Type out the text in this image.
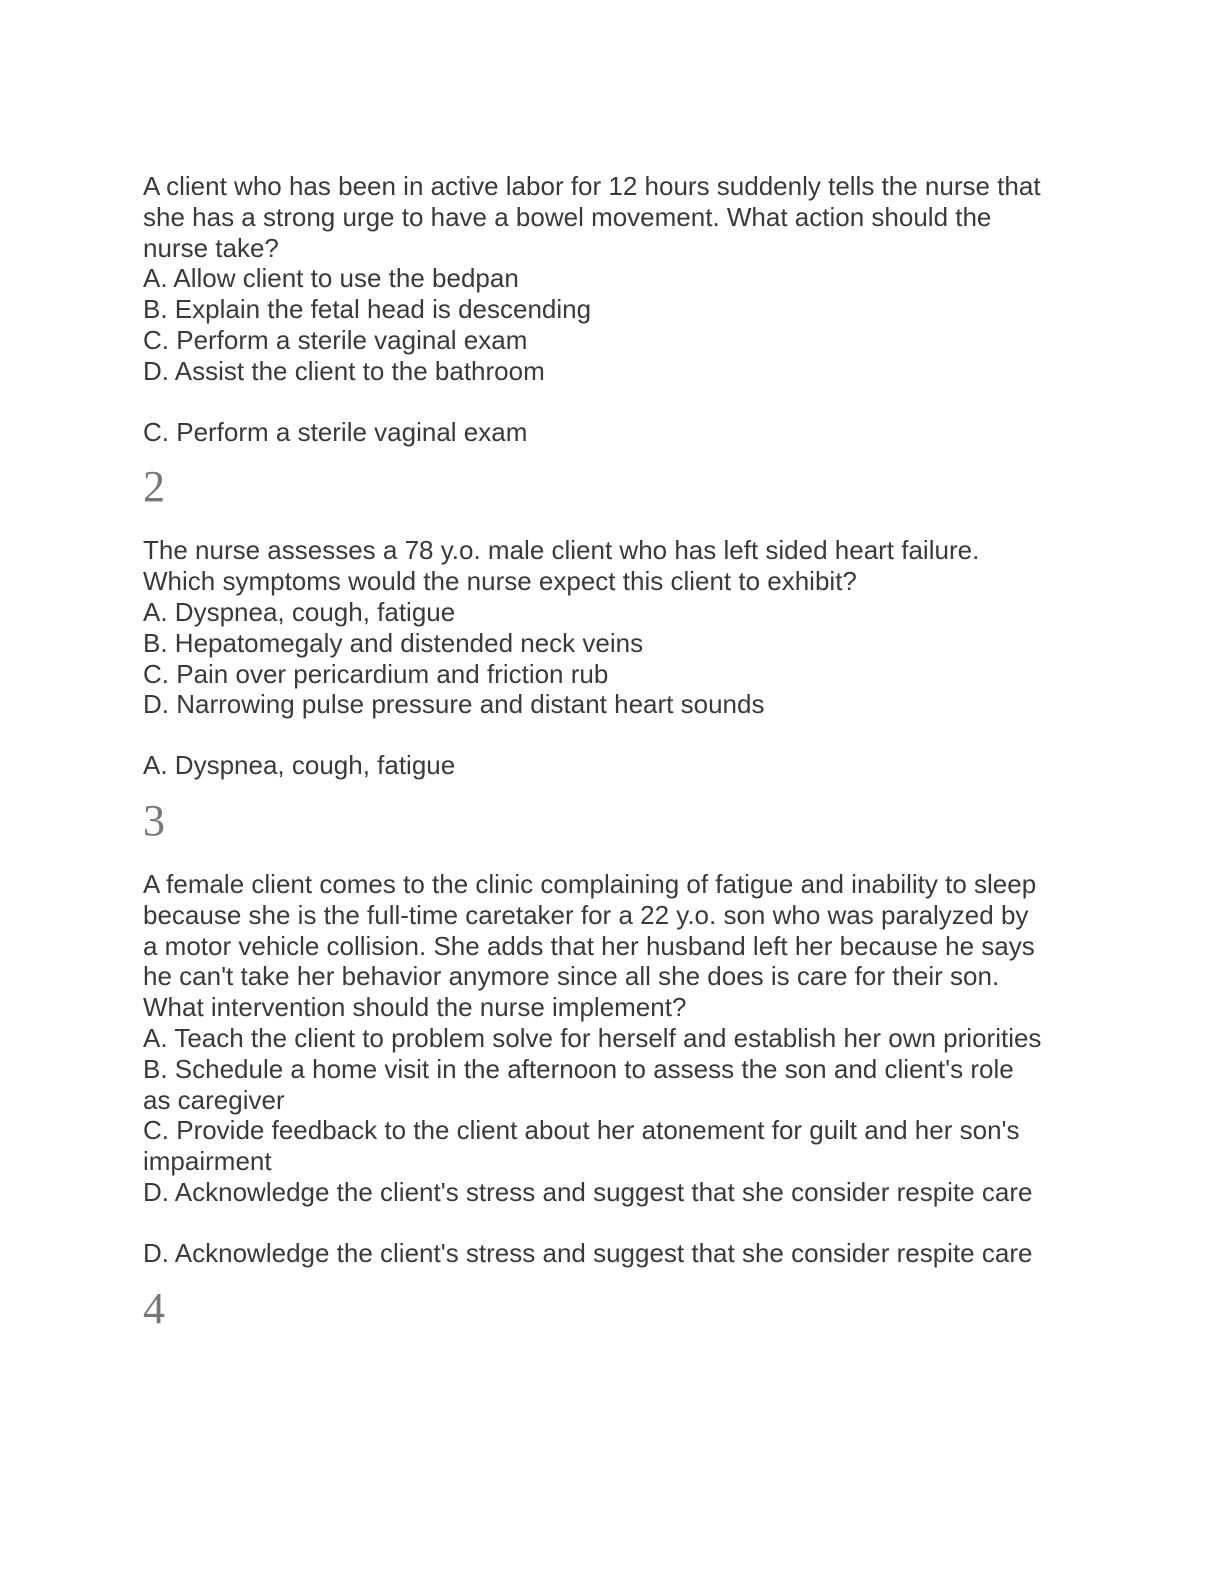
A client who has been in active labor for 12 hours suddenly tells the nurse that
she has a strong urge to have a bowel movement. What action should the
nurse take?
A. Allow client to use the bedpan
B. Explain the fetal head is descending
C. Perform a sterile vaginal exam
D. Assist the client to the bathroom
C. Perform a sterile vaginal exam
2
The nurse assesses a 78 y.o. male client who has left sided heart failure.
Which symptoms would the nurse expect this client to exhibit?
A. Dyspnea, cough, fatigue
B. Hepatomegaly and distended neck veins
C. Pain over pericardium and friction rub
D. Narrowing pulse pressure and distant heart sounds
A. Dyspnea, cough, fatigue
3
A female client comes to the clinic complaining of fatigue and inability to sleep
because she is the full-time caretaker for a 22 y.o. son who was paralyzed by
a motor vehicle collision. She adds that her husband left her because he says
he can't take her behavior anymore since all she does is care for their son.
What intervention should the nurse implement?
A. Teach the client to problem solve for herself and establish her own priorities
B. Schedule a home visit in the afternoon to assess the son and client's role
as caregiver
C. Provide feedback to the client about her atonement for guilt and her son's
impairment
D. Acknowledge the client's stress and suggest that she consider respite care
D. Acknowledge the client's stress and suggest that she consider respite care
4
